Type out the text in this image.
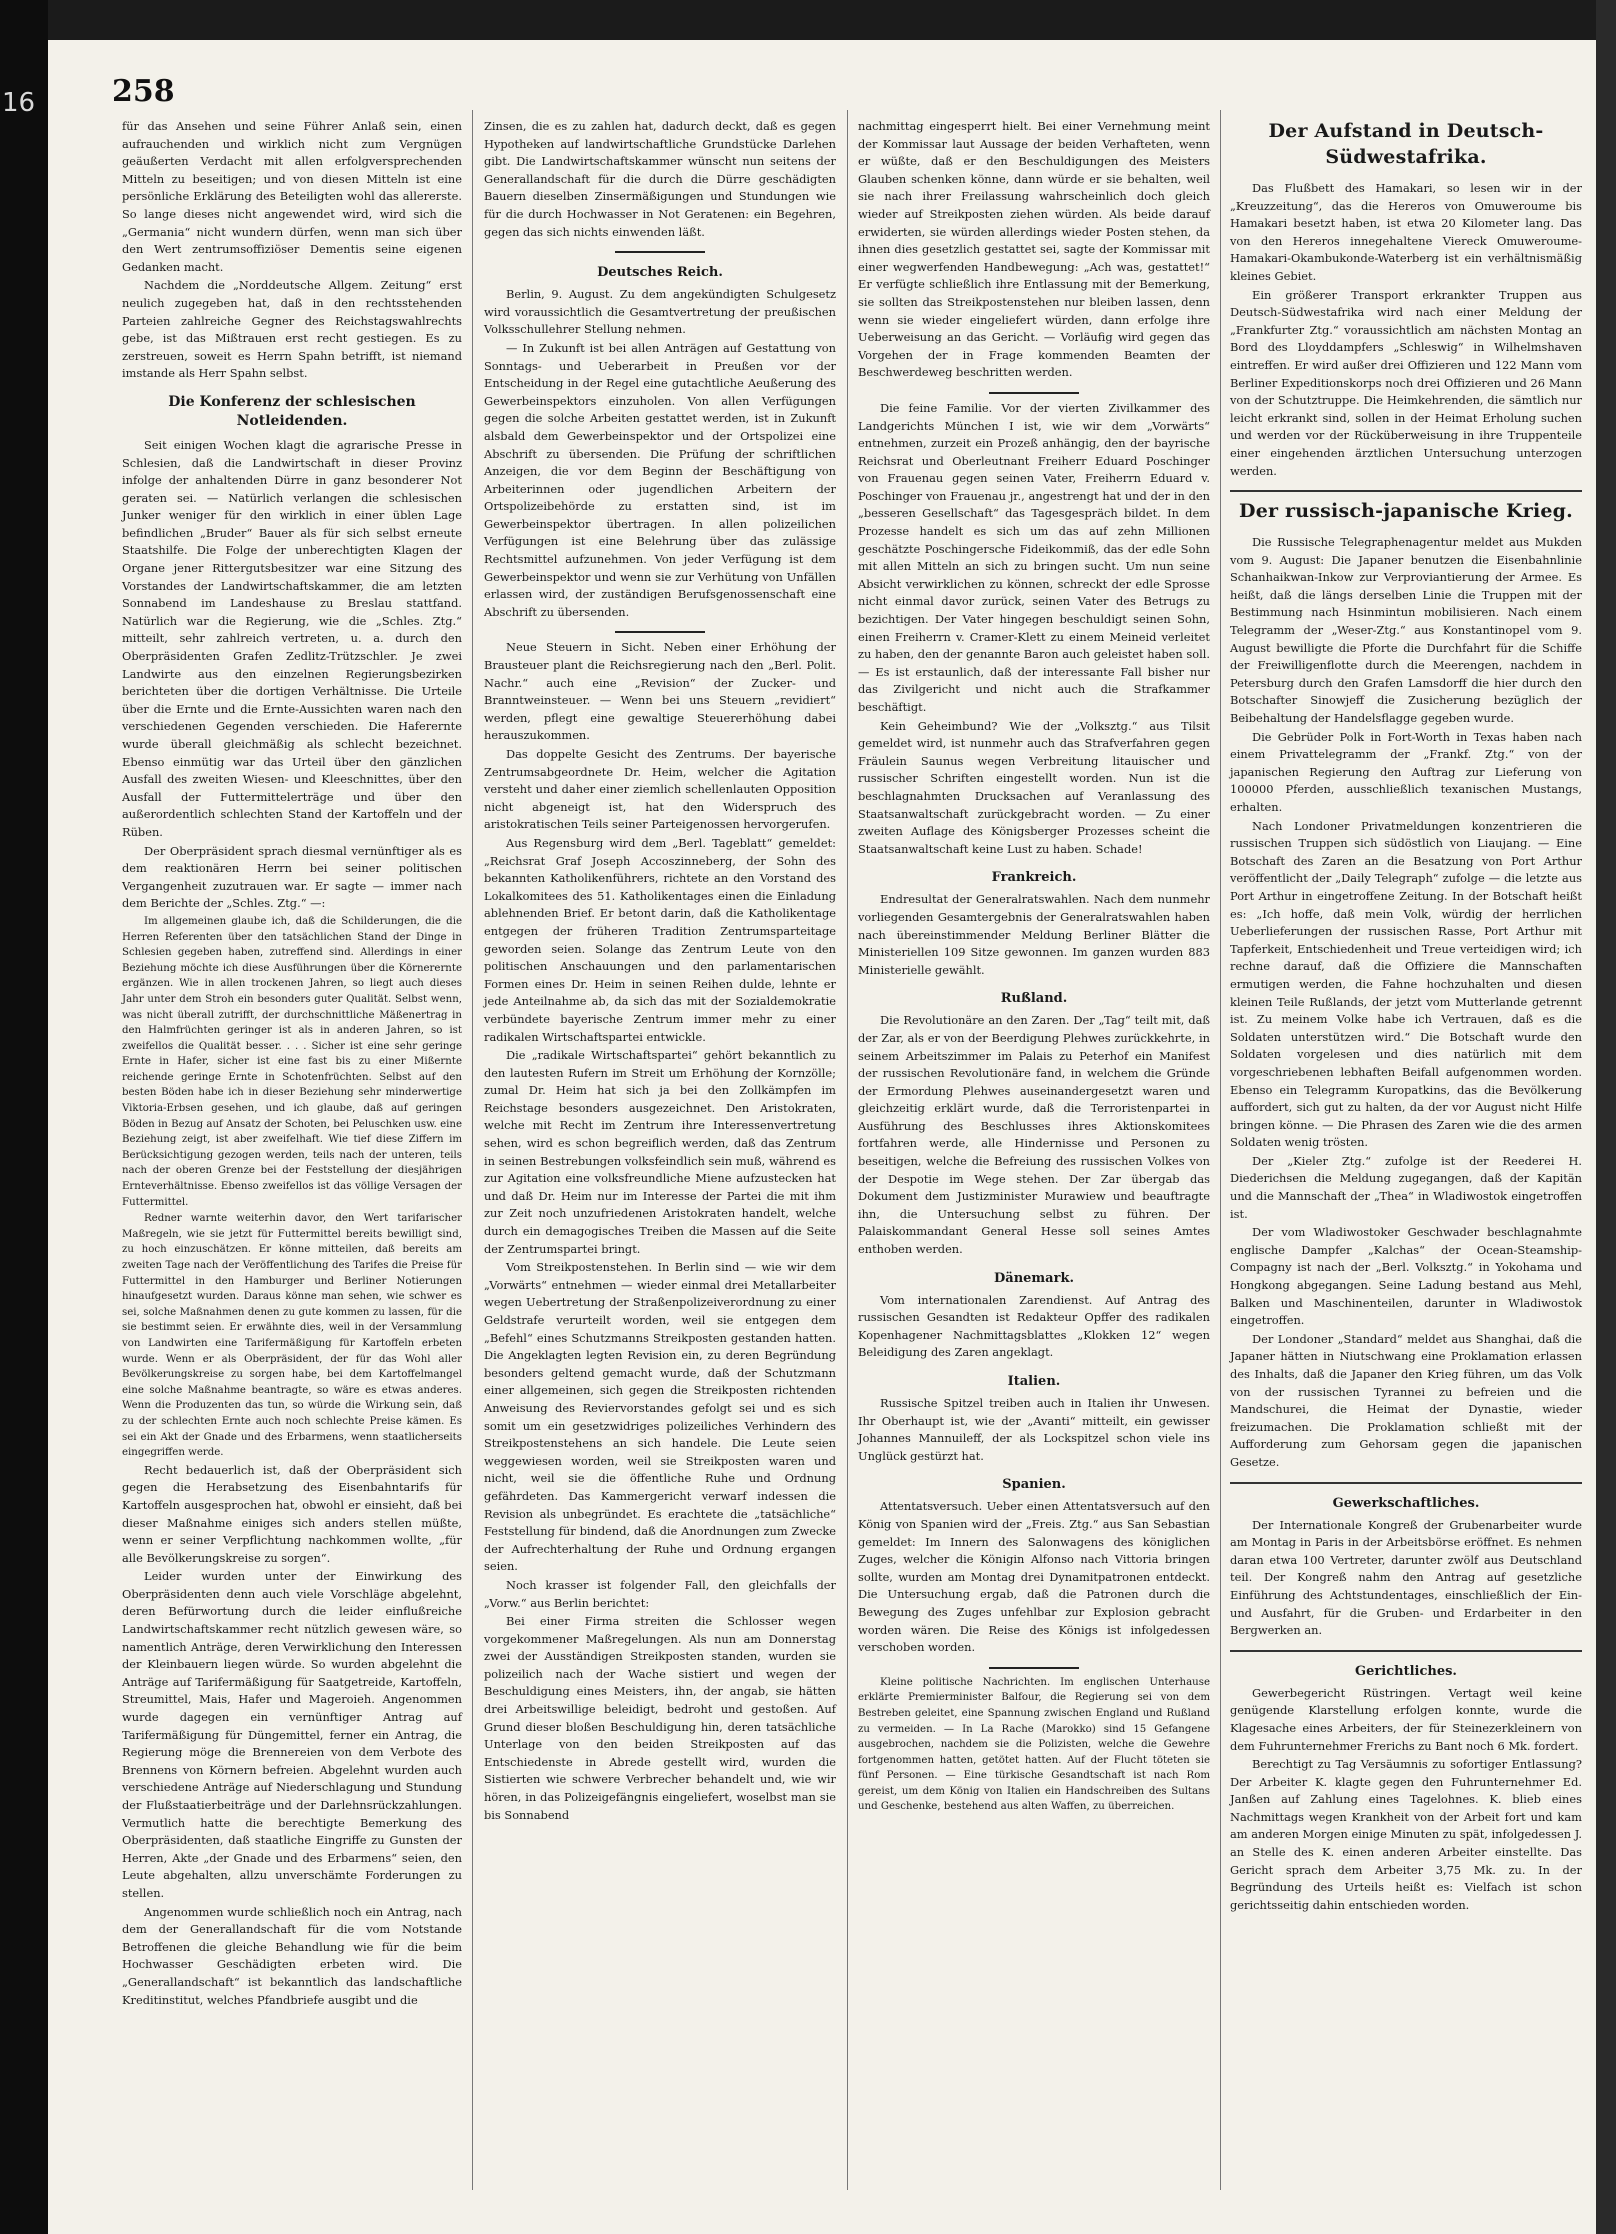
16	258

für das Ansehen und seine Führer Anlaß sein, einen aufrauchenden und wirklich nicht zum Vergnügen geäußerten Verdacht mit allen erfolgversprechenden Mitteln zu beseitigen; und von diesen Mitteln ist eine persönliche Erklärung des Beteiligten wohl das allererste. So lange dieses nicht angewendet wird, wird sich die „Germania“ nicht wundern dürfen, wenn man sich über den Wert zentrumsoffiziöser Dementis seine eigenen Gedanken macht.

Nachdem die „Norddeutsche Allgem. Zeitung“ erst neulich zugegeben hat, daß in den rechtsstehenden Parteien zahlreiche Gegner des Reichstagswahlrechts gebe, ist das Mißtrauen erst recht gestiegen. Es zu zerstreuen, soweit es Herrn Spahn betrifft, ist niemand imstande als Herr Spahn selbst.

Die Konferenz der schlesischen Notleidenden.

Seit einigen Wochen klagt die agrarische Presse in Schlesien, daß die Landwirtschaft in dieser Provinz infolge der anhaltenden Dürre in ganz besonderer Not geraten sei. — Natürlich verlangen die schlesischen Junker weniger für den wirklich in einer üblen Lage befindlichen „Bruder“ Bauer als für sich selbst erneute Staatshilfe. Die Folge der unberechtigten Klagen der Organe jener Rittergutsbesitzer war eine Sitzung des Vorstandes der Landwirtschaftskammer, die am letzten Sonnabend im Landeshause zu Breslau stattfand. Natürlich war die Regierung, wie die „Schles. Ztg.“ mitteilt, sehr zahlreich vertreten, u. a. durch den Oberpräsidenten Grafen Zedlitz-Trützschler. Je zwei Landwirte aus den einzelnen Regierungsbezirken berichteten über die dortigen Verhältnisse. Die Urteile über die Ernte und die Ernte-Aussichten waren nach den verschiedenen Gegenden verschieden. Die Haferernte wurde überall gleichmäßig als schlecht bezeichnet. Ebenso einmütig war das Urteil über den gänzlichen Ausfall des zweiten Wiesen- und Kleeschnittes, über den Ausfall der Futtermittelerträge und über den außerordentlich schlechten Stand der Kartoffeln und der Rüben.

Der Oberpräsident sprach diesmal vernünftiger als es dem reaktionären Herrn bei seiner politischen Vergangenheit zuzutrauen war. Er sagte — immer nach dem Berichte der „Schles. Ztg.“ —:

Im allgemeinen glaube ich, daß die Schilderungen, die die Herren Referenten über den tatsächlichen Stand der Dinge in Schlesien gegeben haben, zutreffend sind. Allerdings in einer Beziehung möchte ich diese Ausführungen über die Körnerernte ergänzen. Wie in allen trockenen Jahren, so liegt auch dieses Jahr unter dem Stroh ein besonders guter Qualität. Selbst wenn, was nicht überall zutrifft, der durchschnittliche Mäßenertrag in den Halmfrüchten geringer ist als in anderen Jahren, so ist zweifellos die Qualität besser. . . . Sicher ist eine sehr geringe Ernte in Hafer, sicher ist eine fast bis zu einer Mißernte reichende geringe Ernte in Schotenfrüchten. Selbst auf den besten Böden habe ich in dieser Beziehung sehr minderwertige Viktoria-Erbsen gesehen, und ich glaube, daß auf geringen Böden in Bezug auf Ansatz der Schoten, bei Peluschken usw. eine Beziehung zeigt, ist aber zweifelhaft. Wie tief diese Ziffern im Berücksichtigung gezogen werden, teils nach der unteren, teils nach der oberen Grenze bei der Feststellung der diesjährigen Ernteverhältnisse. Ebenso zweifellos ist das völlige Versagen der Futtermittel.

Redner warnte weiterhin davor, den Wert tarifarischer Maßregeln, wie sie jetzt für Futtermittel bereits bewilligt sind, zu hoch einzuschätzen. Er könne mitteilen, daß bereits am zweiten Tage nach der Veröffentlichung des Tarifes die Preise für Futtermittel in den Hamburger und Berliner Notierungen hinaufgesetzt wurden. Daraus könne man sehen, wie schwer es sei, solche Maßnahmen denen zu gute kommen zu lassen, für die sie bestimmt seien. Er erwähnte dies, weil in der Versammlung von Landwirten eine Tarifermäßigung für Kartoffeln erbeten wurde. Wenn er als Oberpräsident, der für das Wohl aller Bevölkerungskreise zu sorgen habe, bei dem Kartoffelmangel eine solche Maßnahme beantragte, so wäre es etwas anderes. Wenn die Produzenten das tun, so würde die Wirkung sein, daß zu der schlechten Ernte auch noch schlechte Preise kämen. Es sei ein Akt der Gnade und des Erbarmens, wenn staatlicherseits eingegriffen werde.

Recht bedauerlich ist, daß der Oberpräsident sich gegen die Herabsetzung des Eisenbahntarifs für Kartoffeln ausgesprochen hat, obwohl er einsieht, daß bei dieser Maßnahme einiges sich anders stellen müßte, wenn er seiner Verpflichtung nachkommen wollte, „für alle Bevölkerungskreise zu sorgen“.

Leider wurden unter der Einwirkung des Oberpräsidenten denn auch viele Vorschläge abgelehnt, deren Befürwortung durch die leider einflußreiche Landwirtschaftskammer recht nützlich gewesen wäre, so namentlich Anträge, deren Verwirklichung den Interessen der Kleinbauern liegen würde. So wurden abgelehnt die Anträge auf Tarifermäßigung für Saatgetreide, Kartoffeln, Streumittel, Mais, Hafer und Mageroieh. Angenommen wurde dagegen ein vernünftiger Antrag auf Tarifermäßigung für Düngemittel, ferner ein Antrag, die Regierung möge die Brennereien von dem Verbote des Brennens von Körnern befreien. Abgelehnt wurden auch verschiedene Anträge auf Niederschlagung und Stundung der Flußstaatierbeiträge und der Darlehnsrückzahlungen. Vermutlich hatte die berechtigte Bemerkung des Oberpräsidenten, daß staatliche Eingriffe zu Gunsten der Herren, Akte „der Gnade und des Erbarmens“ seien, den Leute abgehalten, allzu unverschämte Forderungen zu stellen.

Angenommen wurde schließlich noch ein Antrag, nach dem der Generallandschaft für die vom Notstande Betroffenen die gleiche Behandlung wie für die beim Hochwasser Geschädigten erbeten wird. Die „Generallandschaft“ ist bekanntlich das landschaftliche Kreditinstitut, welches Pfandbriefe ausgibt und die

Zinsen, die es zu zahlen hat, dadurch deckt, daß es gegen Hypotheken auf landwirtschaftliche Grundstücke Darlehen gibt. Die Landwirtschaftskammer wünscht nun seitens der Generallandschaft für die durch die Dürre geschädigten Bauern dieselben Zinsermäßigungen und Stundungen wie für die durch Hochwasser in Not Geratenen: ein Begehren, gegen das sich nichts einwenden läßt.

Deutsches Reich.

Berlin, 9. August. Zu dem angekündigten Schulgesetz wird voraussichtlich die Gesamtvertretung der preußischen Volksschullehrer Stellung nehmen.

— In Zukunft ist bei allen Anträgen auf Gestattung von Sonntags- und Ueberarbeit in Preußen vor der Entscheidung in der Regel eine gutachtliche Aeußerung des Gewerbeinspektors einzuholen. Von allen Verfügungen gegen die solche Arbeiten gestattet werden, ist in Zukunft alsbald dem Gewerbeinspektor und der Ortspolizei eine Abschrift zu übersenden. Die Prüfung der schriftlichen Anzeigen, die vor dem Beginn der Beschäftigung von Arbeiterinnen oder jugendlichen Arbeitern der Ortspolizeibehörde zu erstatten sind, ist im Gewerbeinspektor übertragen. In allen polizeilichen Verfügungen ist eine Belehrung über das zulässige Rechtsmittel aufzunehmen. Von jeder Verfügung ist dem Gewerbeinspektor und wenn sie zur Verhütung von Unfällen erlassen wird, der zuständigen Berufsgenossenschaft eine Abschrift zu übersenden.

Neue Steuern in Sicht. Neben einer Erhöhung der Brausteuer plant die Reichsregierung nach den „Berl. Polit. Nachr.“ auch eine „Revision“ der Zucker- und Branntweinsteuer. — Wenn bei uns Steuern „revidiert“ werden, pflegt eine gewaltige Steuererhöhung dabei herauszukommen.

Das doppelte Gesicht des Zentrums. Der bayerische Zentrumsabgeordnete Dr. Heim, welcher die Agitation versteht und daher einer ziemlich schellenlauten Opposition nicht abgeneigt ist, hat den Widerspruch des aristokratischen Teils seiner Parteigenossen hervorgerufen.

Aus Regensburg wird dem „Berl. Tageblatt“ gemeldet: „Reichsrat Graf Joseph Accoszinneberg, der Sohn des bekannten Katholikenführers, richtete an den Vorstand des Lokalkomitees des 51. Katholikentages einen die Einladung ablehnenden Brief. Er betont darin, daß die Katholikentage entgegen der früheren Tradition Zentrumsparteitage geworden seien. Solange das Zentrum Leute von den politischen Anschauungen und den parlamentarischen Formen eines Dr. Heim in seinen Reihen dulde, lehnte er jede Anteilnahme ab, da sich das mit der Sozialdemokratie verbündete bayerische Zentrum immer mehr zu einer radikalen Wirtschaftspartei entwickle.

Die „radikale Wirtschaftspartei“ gehört bekanntlich zu den lautesten Rufern im Streit um Erhöhung der Kornzölle; zumal Dr. Heim hat sich ja bei den Zollkämpfen im Reichstage besonders ausgezeichnet. Den Aristokraten, welche mit Recht im Zentrum ihre Interessenvertretung sehen, wird es schon begreiflich werden, daß das Zentrum in seinen Bestrebungen volksfeindlich sein muß, während es zur Agitation eine volksfreundliche Miene aufzustecken hat und daß Dr. Heim nur im Interesse der Partei die mit ihm zur Zeit noch unzufriedenen Aristokraten handelt, welche durch ein demagogisches Treiben die Massen auf die Seite der Zentrumspartei bringt.

Vom Streikpostenstehen. In Berlin sind — wie wir dem „Vorwärts“ entnehmen — wieder einmal drei Metallarbeiter wegen Uebertretung der Straßenpolizeiverordnung zu einer Geldstrafe verurteilt worden, weil sie entgegen dem „Befehl“ eines Schutzmanns Streikposten gestanden hatten. Die Angeklagten legten Revision ein, zu deren Begründung besonders geltend gemacht wurde, daß der Schutzmann einer allgemeinen, sich gegen die Streikposten richtenden Anweisung des Reviervorstandes gefolgt sei und es sich somit um ein gesetzwidriges polizeiliches Verhindern des Streikpostenstehens an sich handele. Die Leute seien weggewiesen worden, weil sie Streikposten waren und nicht, weil sie die öffentliche Ruhe und Ordnung gefährdeten. Das Kammergericht verwarf indessen die Revision als unbegründet. Es erachtete die „tatsächliche“ Feststellung für bindend, daß die Anordnungen zum Zwecke der Aufrechterhaltung der Ruhe und Ordnung ergangen seien.

Noch krasser ist folgender Fall, den gleichfalls der „Vorw.“ aus Berlin berichtet:

Bei einer Firma streiten die Schlosser wegen vorgekommener Maßregelungen. Als nun am Donnerstag zwei der Ausständigen Streikposten standen, wurden sie polizeilich nach der Wache sistiert und wegen der Beschuldigung eines Meisters, ihn, der angab, sie hätten drei Arbeitswillige beleidigt, bedroht und gestoßen. Auf Grund dieser bloßen Beschuldigung hin, deren tatsächliche Unterlage von den beiden Streikposten auf das Entschiedenste in Abrede gestellt wird, wurden die Sistierten wie schwere Verbrecher behandelt und, wie wir hören, in das Polizeigefängnis eingeliefert, woselbst man sie bis Sonnabend

nachmittag eingesperrt hielt. Bei einer Vernehmung meint der Kommissar laut Aussage der beiden Verhafteten, wenn er wüßte, daß er den Beschuldigungen des Meisters Glauben schenken könne, dann würde er sie behalten, weil sie nach ihrer Freilassung wahrscheinlich doch gleich wieder auf Streikposten ziehen würden. Als beide darauf erwiderten, sie würden allerdings wieder Posten stehen, da ihnen dies gesetzlich gestattet sei, sagte der Kommissar mit einer wegwerfenden Handbewegung: „Ach was, gestattet!“ Er verfügte schließlich ihre Entlassung mit der Bemerkung, sie sollten das Streikpostenstehen nur bleiben lassen, denn wenn sie wieder eingeliefert würden, dann erfolge ihre Ueberweisung an das Gericht. — Vorläufig wird gegen das Vorgehen der in Frage kommenden Beamten der Beschwerdeweg beschritten werden.

Die feine Familie. Vor der vierten Zivilkammer des Landgerichts München I ist, wie wir dem „Vorwärts“ entnehmen, zurzeit ein Prozeß anhängig, den der bayrische Reichsrat und Oberleutnant Freiherr Eduard Poschinger von Frauenau gegen seinen Vater, Freiherrn Eduard v. Poschinger von Frauenau jr., angestrengt hat und der in den „besseren Gesellschaft“ das Tagesgespräch bildet. In dem Prozesse handelt es sich um das auf zehn Millionen geschätzte Poschingersche Fideikommiß, das der edle Sohn mit allen Mitteln an sich zu bringen sucht. Um nun seine Absicht verwirklichen zu können, schreckt der edle Sprosse nicht einmal davor zurück, seinen Vater des Betrugs zu bezichtigen. Der Vater hingegen beschuldigt seinen Sohn, einen Freiherrn v. Cramer-Klett zu einem Meineid verleitet zu haben, den der genannte Baron auch geleistet haben soll. — Es ist erstaunlich, daß der interessante Fall bisher nur das Zivilgericht und nicht auch die Strafkammer beschäftigt.

Kein Geheimbund? Wie der „Volksztg.“ aus Tilsit gemeldet wird, ist nunmehr auch das Strafverfahren gegen Fräulein Saunus wegen Verbreitung litauischer und russischer Schriften eingestellt worden. Nun ist die beschlagnahmten Drucksachen auf Veranlassung des Staatsanwaltschaft zurückgebracht worden. — Zu einer zweiten Auflage des Königsberger Prozesses scheint die Staatsanwaltschaft keine Lust zu haben. Schade!

Frankreich.

Endresultat der Generalratswahlen. Nach dem nunmehr vorliegenden Gesamtergebnis der Generalratswahlen haben nach übereinstimmender Meldung Berliner Blätter die Ministeriellen 109 Sitze gewonnen. Im ganzen wurden 883 Ministerielle gewählt.

Rußland.

Die Revolutionäre an den Zaren. Der „Tag“ teilt mit, daß der Zar, als er von der Beerdigung Plehwes zurückkehrte, in seinem Arbeitszimmer im Palais zu Peterhof ein Manifest der russischen Revolutionäre fand, in welchem die Gründe der Ermordung Plehwes auseinandergesetzt waren und gleichzeitig erklärt wurde, daß die Terroristenpartei in Ausführung des Beschlusses ihres Aktionskomitees fortfahren werde, alle Hindernisse und Personen zu beseitigen, welche die Befreiung des russischen Volkes von der Despotie im Wege stehen. Der Zar übergab das Dokument dem Justizminister Murawiew und beauftragte ihn, die Untersuchung selbst zu führen. Der Palaiskommandant General Hesse soll seines Amtes enthoben werden.

Dänemark.

Vom internationalen Zarendienst. Auf Antrag des russischen Gesandten ist Redakteur Opffer des radikalen Kopenhagener Nachmittagsblattes „Klokken 12“ wegen Beleidigung des Zaren angeklagt.

Italien.

Russische Spitzel treiben auch in Italien ihr Unwesen. Ihr Oberhaupt ist, wie der „Avanti“ mitteilt, ein gewisser Johannes Mannuileff, der als Lockspitzel schon viele ins Unglück gestürzt hat.

Spanien.

Attentatsversuch. Ueber einen Attentatsversuch auf den König von Spanien wird der „Freis. Ztg.“ aus San Sebastian gemeldet: Im Innern des Salonwagens des königlichen Zuges, welcher die Königin Alfonso nach Vittoria bringen sollte, wurden am Montag drei Dynamitpatronen entdeckt. Die Untersuchung ergab, daß die Patronen durch die Bewegung des Zuges unfehlbar zur Explosion gebracht worden wären. Die Reise des Königs ist infolgedessen verschoben worden.

Kleine politische Nachrichten. Im englischen Unterhause erklärte Premierminister Balfour, die Regierung sei von dem Bestreben geleitet, eine Spannung zwischen England und Rußland zu vermeiden. — In La Rache (Marokko) sind 15 Gefangene ausgebrochen, nachdem sie die Polizisten, welche die Gewehre fortgenommen hatten, getötet hatten. Auf der Flucht töteten sie fünf Personen. — Eine türkische Gesandtschaft ist nach Rom gereist, um dem König von Italien ein Handschreiben des Sultans und Geschenke, bestehend aus alten Waffen, zu überreichen.

Der Aufstand in Deutsch-Südwestafrika.

Das Flußbett des Hamakari, so lesen wir in der „Kreuzzeitung“, das die Hereros von Omuweroume bis Hamakari besetzt haben, ist etwa 20 Kilometer lang. Das von den Hereros innegehaltene Viereck Omuweroume-Hamakari-Okambukonde-Waterberg ist ein verhältnismäßig kleines Gebiet.

Ein größerer Transport erkrankter Truppen aus Deutsch-Südwestafrika wird nach einer Meldung der „Frankfurter Ztg.“ voraussichtlich am nächsten Montag an Bord des Lloyddampfers „Schleswig“ in Wilhelmshaven eintreffen. Er wird außer drei Offizieren und 122 Mann vom Berliner Expeditionskorps noch drei Offizieren und 26 Mann von der Schutztruppe. Die Heimkehrenden, die sämtlich nur leicht erkrankt sind, sollen in der Heimat Erholung suchen und werden vor der Rücküberweisung in ihre Truppenteile einer eingehenden ärztlichen Untersuchung unterzogen werden.

Der russisch-japanische Krieg.

Die Russische Telegraphenagentur meldet aus Mukden vom 9. August: Die Japaner benutzen die Eisenbahnlinie Schanhaikwan-Inkow zur Verproviantierung der Armee. Es heißt, daß die längs derselben Linie die Truppen mit der Bestimmung nach Hsinmintun mobilisieren. Nach einem Telegramm der „Weser-Ztg.“ aus Konstantinopel vom 9. August bewilligte die Pforte die Durchfahrt für die Schiffe der Freiwilligenflotte durch die Meerengen, nachdem in Petersburg durch den Grafen Lamsdorff die hier durch den Botschafter Sinowjeff die Zusicherung bezüglich der Beibehaltung der Handelsflagge gegeben wurde.

Die Gebrüder Polk in Fort-Worth in Texas haben nach einem Privattelegramm der „Frankf. Ztg.“ von der japanischen Regierung den Auftrag zur Lieferung von 100000 Pferden, ausschließlich texanischen Mustangs, erhalten.

Nach Londoner Privatmeldungen konzentrieren die russischen Truppen sich südöstlich von Liaujang. — Eine Botschaft des Zaren an die Besatzung von Port Arthur veröffentlicht der „Daily Telegraph“ zufolge — die letzte aus Port Arthur in eingetroffene Zeitung. In der Botschaft heißt es: „Ich hoffe, daß mein Volk, würdig der herrlichen Ueberlieferungen der russischen Rasse, Port Arthur mit Tapferkeit, Entschiedenheit und Treue verteidigen wird; ich rechne darauf, daß die Offiziere die Mannschaften ermutigen werden, die Fahne hochzuhalten und diesen kleinen Teile Rußlands, der jetzt vom Mutterlande getrennt ist. Zu meinem Volke habe ich Vertrauen, daß es die Soldaten unterstützen wird.“ Die Botschaft wurde den Soldaten vorgelesen und dies natürlich mit dem vorgeschriebenen lebhaften Beifall aufgenommen worden. Ebenso ein Telegramm Kuropatkins, das die Bevölkerung auffordert, sich gut zu halten, da der vor August nicht Hilfe bringen könne. — Die Phrasen des Zaren wie die des armen Soldaten wenig trösten.

Der „Kieler Ztg.“ zufolge ist der Reederei H. Diederichsen die Meldung zugegangen, daß der Kapitän und die Mannschaft der „Thea“ in Wladiwostok eingetroffen ist.

Der vom Wladiwostoker Geschwader beschlagnahmte englische Dampfer „Kalchas“ der Ocean-Steamship-Compagny ist nach der „Berl. Volksztg.“ in Yokohama und Hongkong abgegangen. Seine Ladung bestand aus Mehl, Balken und Maschinenteilen, darunter in Wladiwostok eingetroffen.

Der Londoner „Standard“ meldet aus Shanghai, daß die Japaner hätten in Niutschwang eine Proklamation erlassen des Inhalts, daß die Japaner den Krieg führen, um das Volk von der russischen Tyrannei zu befreien und die Mandschurei, die Heimat der Dynastie, wieder freizumachen. Die Proklamation schließt mit der Aufforderung zum Gehorsam gegen die japanischen Gesetze.

Gewerkschaftliches.

Der Internationale Kongreß der Grubenarbeiter wurde am Montag in Paris in der Arbeitsbörse eröffnet. Es nehmen daran etwa 100 Vertreter, darunter zwölf aus Deutschland teil. Der Kongreß nahm den Antrag auf gesetzliche Einführung des Achtstundentages, einschließlich der Ein- und Ausfahrt, für die Gruben- und Erdarbeiter in den Bergwerken an.

Gerichtliches.

Gewerbegericht Rüstringen. Vertagt weil keine genügende Klarstellung erfolgen konnte, wurde die Klagesache eines Arbeiters, der für Steinezerkleinern von dem Fuhrunternehmer Frerichs zu Bant noch 6 Mk. fordert.

Berechtigt zu Tag Versäumnis zu sofortiger Entlassung? Der Arbeiter K. klagte gegen den Fuhrunternehmer Ed. Janßen auf Zahlung eines Tagelohnes. K. blieb eines Nachmittags wegen Krankheit von der Arbeit fort und kam am anderen Morgen einige Minuten zu spät, infolgedessen J. an Stelle des K. einen anderen Arbeiter einstellte. Das Gericht sprach dem Arbeiter 3,75 Mk. zu. In der Begründung des Urteils heißt es: Vielfach ist schon gerichtsseitig dahin entschieden worden.
